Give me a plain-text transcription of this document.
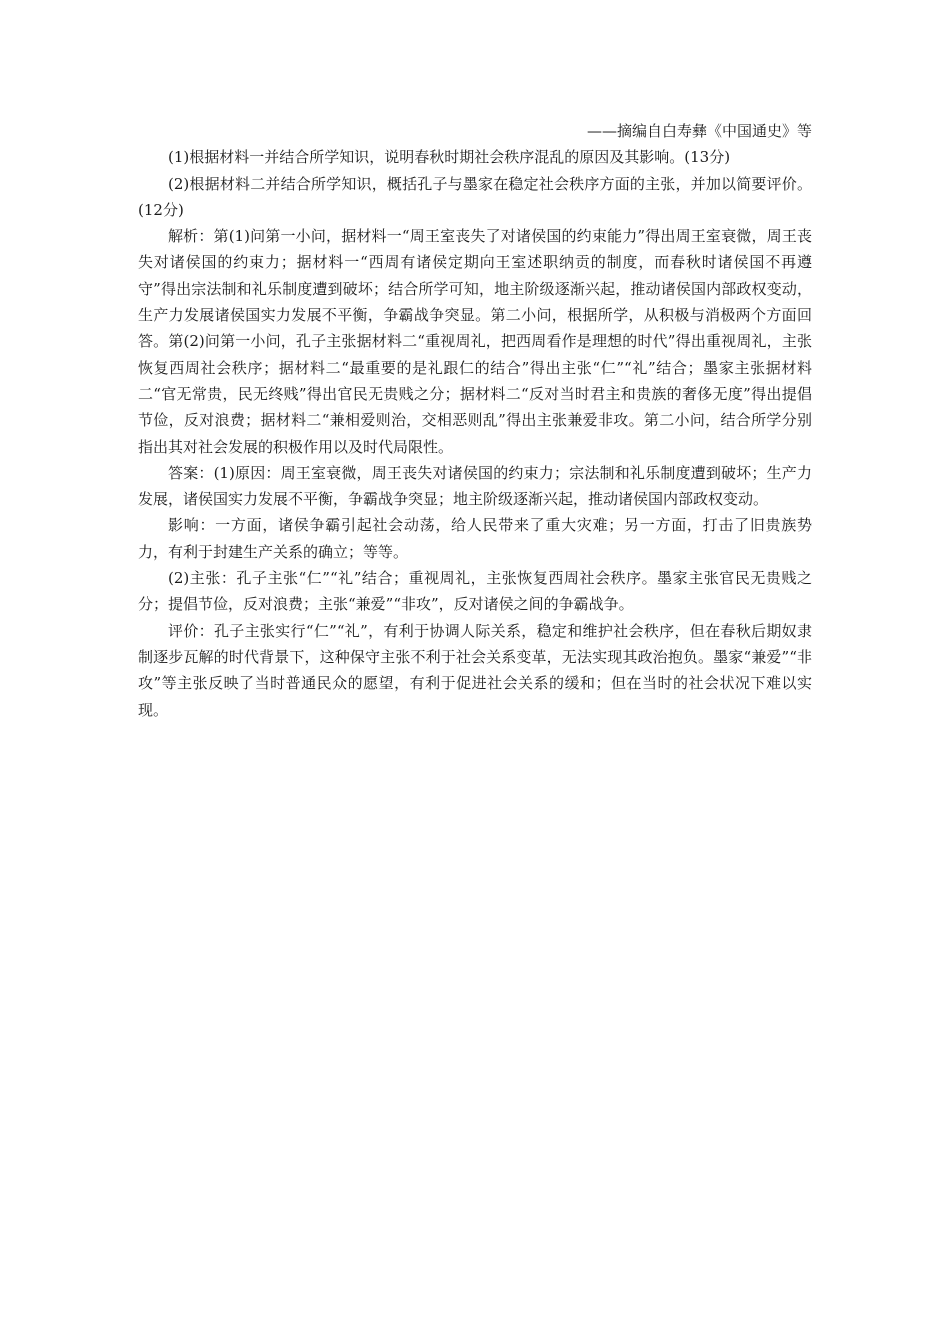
——摘编自白寿彝《中国通史》等

(1)根据材料一并结合所学知识，说明春秋时期社会秩序混乱的原因及其影响。(13分)

(2)根据材料二并结合所学知识，概括孔子与墨家在稳定社会秩序方面的主张，并加以简要评价。(12分)

解析：第(1)问第一小问，据材料一“周王室丧失了对诸侯国的约束能力”得出周王室衰微，周王丧失对诸侯国的约束力；据材料一“西周有诸侯定期向王室述职纳贡的制度，而春秋时诸侯国不再遵守”得出宗法制和礼乐制度遭到破坏；结合所学可知，地主阶级逐渐兴起，推动诸侯国内部政权变动，生产力发展诸侯国实力发展不平衡，争霸战争突显。第二小问，根据所学，从积极与消极两个方面回答。第(2)问第一小问，孔子主张据材料二“重视周礼，把西周看作是理想的时代”得出重视周礼，主张恢复西周社会秩序；据材料二“最重要的是礼跟仁的结合”得出主张“仁”“礼”结合；墨家主张据材料二“官无常贵，民无终贱”得出官民无贵贱之分；据材料二“反对当时君主和贵族的奢侈无度”得出提倡节俭，反对浪费；据材料二“兼相爱则治，交相恶则乱”得出主张兼爱非攻。第二小问，结合所学分别指出其对社会发展的积极作用以及时代局限性。

答案：(1)原因：周王室衰微，周王丧失对诸侯国的约束力；宗法制和礼乐制度遭到破坏；生产力发展，诸侯国实力发展不平衡，争霸战争突显；地主阶级逐渐兴起，推动诸侯国内部政权变动。

影响：一方面，诸侯争霸引起社会动荡，给人民带来了重大灾难；另一方面，打击了旧贵族势力，有利于封建生产关系的确立；等等。

(2)主张：孔子主张“仁”“礼”结合；重视周礼，主张恢复西周社会秩序。墨家主张官民无贵贱之分；提倡节俭，反对浪费；主张“兼爱”“非攻”，反对诸侯之间的争霸战争。

评价：孔子主张实行“仁”“礼”，有利于协调人际关系，稳定和维护社会秩序，但在春秋后期奴隶制逐步瓦解的时代背景下，这种保守主张不利于社会关系变革，无法实现其政治抱负。墨家“兼爱”“非攻”等主张反映了当时普通民众的愿望，有利于促进社会关系的缓和；但在当时的社会状况下难以实现。
